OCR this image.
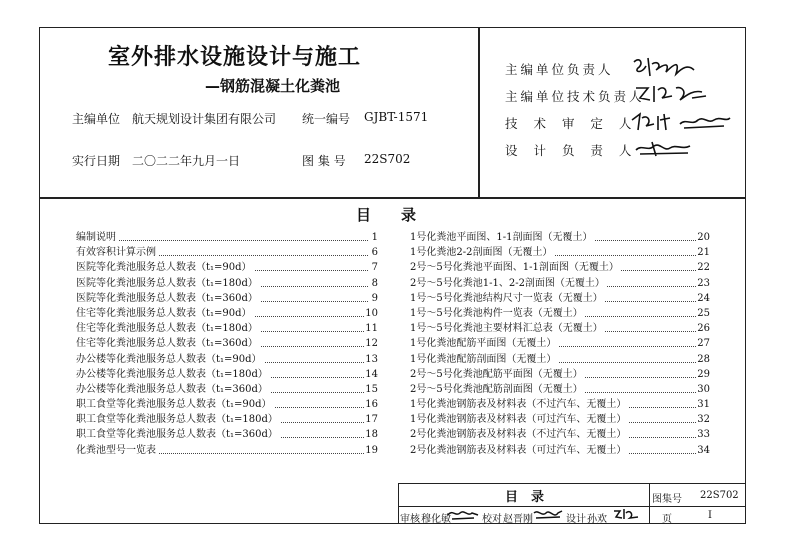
室外排水设施设计与施工
—钢筋混凝土化粪池
主编单位 航天规划设计集团有限公司 统一编号 GJBT-1571
实行日期 二〇二二年九月一日	图 集 号 22S702
主编单位负责人
主编单位技术负责人
技 术 审 定 人
设 计 负 责 人
目　　录
编制说明	1
有效容积计算示例	6
医院等化粪池服务总人数表（t₁=90d）	7
医院等化粪池服务总人数表（t₁=180d）	8
医院等化粪池服务总人数表（t₁=360d）	9
住宅等化粪池服务总人数表（t₁=90d）	10
住宅等化粪池服务总人数表（t₁=180d）	11
住宅等化粪池服务总人数表（t₁=360d）	12
办公楼等化粪池服务总人数表（t₁=90d）	13
办公楼等化粪池服务总人数表（t₁=180d）	14
办公楼等化粪池服务总人数表（t₁=360d）	15
职工食堂等化粪池服务总人数表（t₁=90d）	16
职工食堂等化粪池服务总人数表（t₁=180d）	17
职工食堂等化粪池服务总人数表（t₁=360d）	18
化粪池型号一览表	19
1号化粪池平面图、1-1剖面图（无覆土）	20
1号化粪池2-2剖面图（无覆土）	21
2号～5号化粪池平面图、1-1剖面图（无覆土）	22
2号～5号化粪池1-1、2-2剖面图（无覆土）	23
1号～5号化粪池结构尺寸一览表（无覆土）	24
1号～5号化粪池构件一览表（无覆土）	25
1号～5号化粪池主要材料汇总表（无覆土）	26
1号化粪池配筋平面图（无覆土）	27
1号化粪池配筋剖面图（无覆土）	28
2号～5号化粪池配筋平面图（无覆土）	29
2号～5号化粪池配筋剖面图（无覆土）	30
1号化粪池钢筋表及材料表（不过汽车、无覆土）	31
1号化粪池钢筋表及材料表（可过汽车、无覆土）	32
2号化粪池钢筋表及材料表（不过汽车、无覆土）	33
2号化粪池钢筋表及材料表（可过汽车、无覆土）	34
目　录	图集号 22S702
审核 穆化敏	校对 赵晋刚	设计 孙欢	页	I
